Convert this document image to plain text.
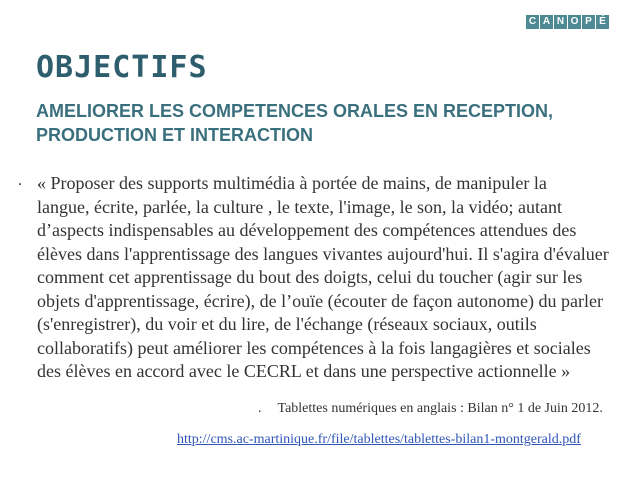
C A N O P É
OBJECTIFS
AMELIORER LES COMPETENCES ORALES EN RECEPTION, PRODUCTION ET INTERACTION
. « Proposer des supports multimédia à portée de mains, de manipuler la
langue, écrite, parlée, la culture , le texte, l'image, le son, la vidéo; autant
d’aspects indispensables au développement des compétences attendues des
élèves dans l'apprentissage des langues vivantes aujourd'hui. Il s'agira d'évaluer
comment cet apprentissage du bout des doigts, celui du toucher (agir sur les
objets d'apprentissage, écrire), de l’ouïe (écouter de façon autonome) du parler
(s'enregistrer), du voir et du lire, de l'échange (réseaux sociaux, outils
collaboratifs) peut améliorer les compétences à la fois langagières et sociales
des élèves en accord avec le CECRL et dans une perspective actionnelle »
. Tablettes numériques en anglais : Bilan n° 1 de Juin 2012.
http://cms.ac-martinique.fr/file/tablettes/tablettes-bilan1-montgerald.pdf
